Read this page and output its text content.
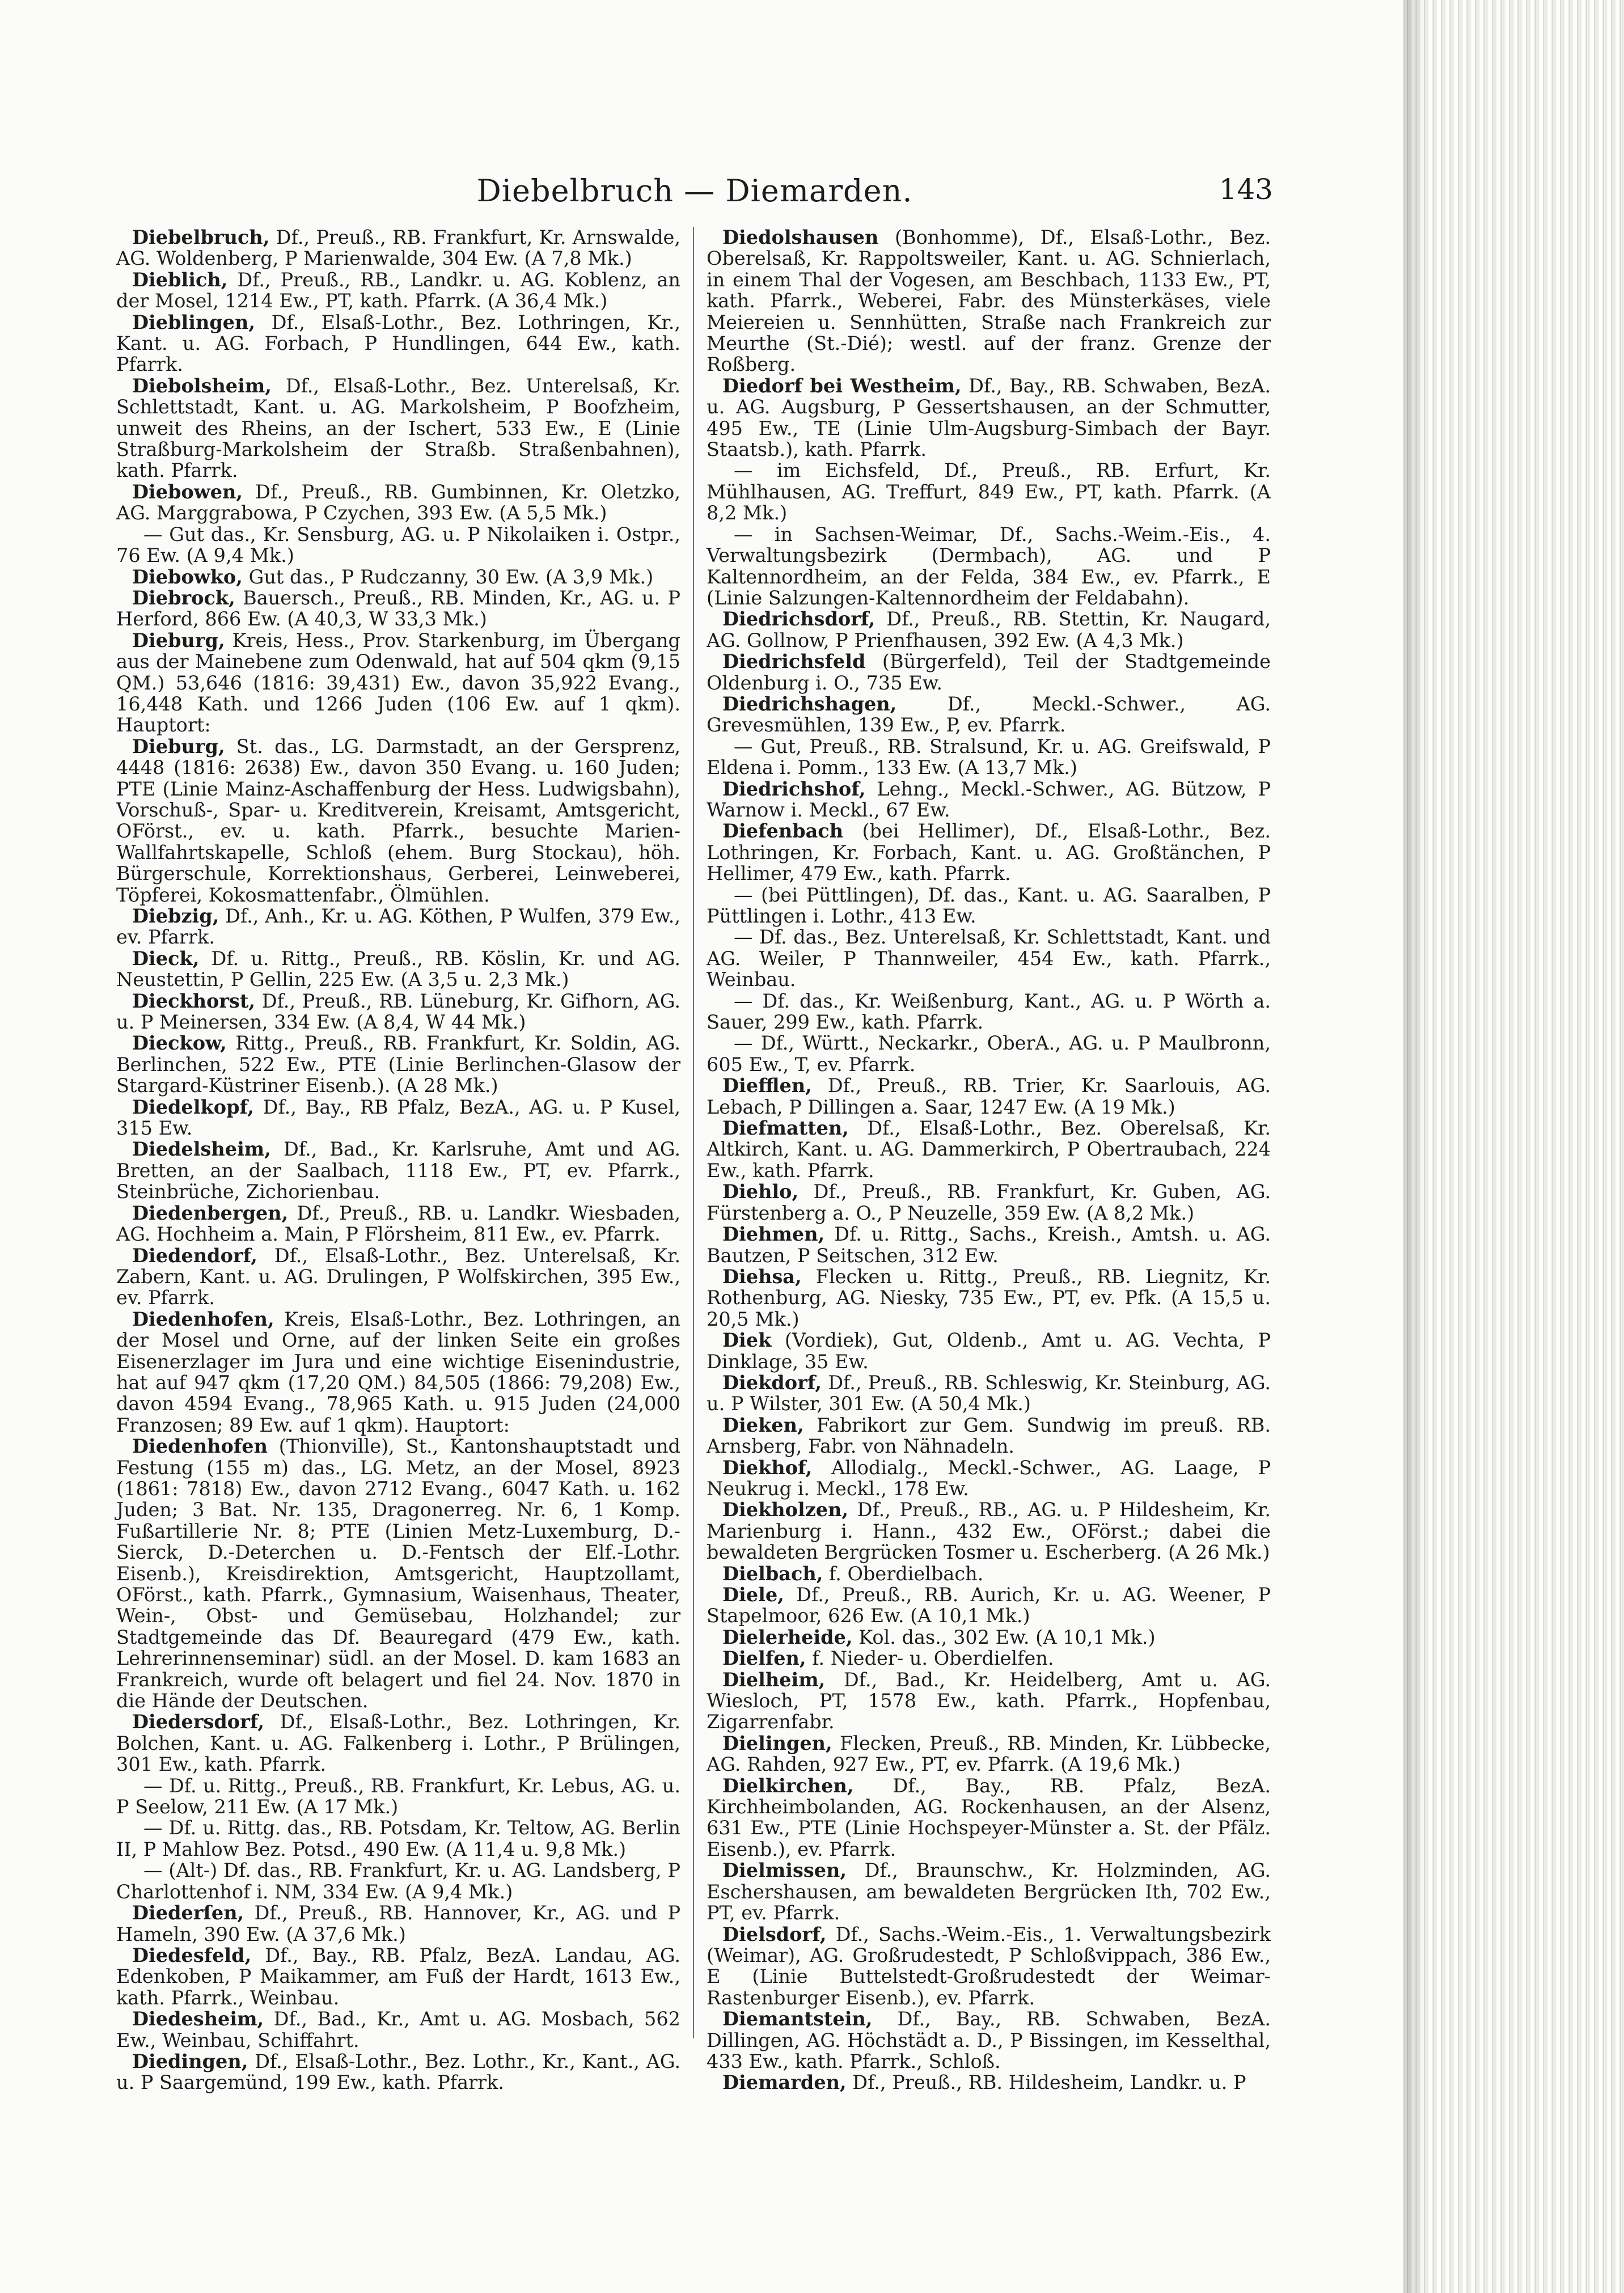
Diebelbruch — Diemarden.	143

Diebelbruch, Df., Preuß., RB. Frankfurt, Kr. Arnswalde, AG. Woldenberg, P Marienwalde, 304 Ew. (A 7,8 Mk.)

Dieblich, Df., Preuß., RB., Landkr. u. AG. Koblenz, an der Mosel, 1214 Ew., PT, kath. Pfarrk. (A 36,4 Mk.)

Dieblingen, Df., Elsaß-Lothr., Bez. Lothringen, Kr., Kant. u. AG. Forbach, P Hundlingen, 644 Ew., kath. Pfarrk.

Diebolsheim, Df., Elsaß-Lothr., Bez. Unterelsaß, Kr. Schlettstadt, Kant. u. AG. Markolsheim, P Boofzheim, unweit des Rheins, an der Ischert, 533 Ew., E (Linie Straßburg-Markolsheim der Straßb. Straßenbahnen), kath. Pfarrk.

Diebowen, Df., Preuß., RB. Gumbinnen, Kr. Oletzko, AG. Marggrabowa, P Czychen, 393 Ew. (A 5,5 Mk.)

— Gut das., Kr. Sensburg, AG. u. P Nikolaiken i. Ostpr., 76 Ew. (A 9,4 Mk.)

Diebowko, Gut das., P Rudczanny, 30 Ew. (A 3,9 Mk.)

Diebrock, Bauersch., Preuß., RB. Minden, Kr., AG. u. P Herford, 866 Ew. (A 40,3, W 33,3 Mk.)

Dieburg, Kreis, Hess., Prov. Starkenburg, im Übergang aus der Mainebene zum Odenwald, hat auf 504 qkm (9,15 QM.) 53,646 (1816: 39,431) Ew., davon 35,922 Evang., 16,448 Kath. und 1266 Juden (106 Ew. auf 1 qkm). Hauptort:

Dieburg, St. das., LG. Darmstadt, an der Gersprenz, 4448 (1816: 2638) Ew., davon 350 Evang. u. 160 Juden; PTE (Linie Mainz-Aschaffenburg der Hess. Ludwigsbahn), Vorschuß-, Spar- u. Kreditverein, Kreisamt, Amtsgericht, OFörst., ev. u. kath. Pfarrk., besuchte Marien-Wallfahrtskapelle, Schloß (ehem. Burg Stockau), höh. Bürgerschule, Korrektionshaus, Gerberei, Leinweberei, Töpferei, Kokosmattenfabr., Ölmühlen.

Diebzig, Df., Anh., Kr. u. AG. Köthen, P Wulfen, 379 Ew., ev. Pfarrk.

Dieck, Df. u. Rittg., Preuß., RB. Köslin, Kr. und AG. Neustettin, P Gellin, 225 Ew. (A 3,5 u. 2,3 Mk.)

Dieckhorst, Df., Preuß., RB. Lüneburg, Kr. Gifhorn, AG. u. P Meinersen, 334 Ew. (A 8,4, W 44 Mk.)

Dieckow, Rittg., Preuß., RB. Frankfurt, Kr. Soldin, AG. Berlinchen, 522 Ew., PTE (Linie Berlinchen-Glasow der Stargard-Küstriner Eisenb.). (A 28 Mk.)

Diedelkopf, Df., Bay., RB Pfalz, BezA., AG. u. P Kusel, 315 Ew.

Diedelsheim, Df., Bad., Kr. Karlsruhe, Amt und AG. Bretten, an der Saalbach, 1118 Ew., PT, ev. Pfarrk., Steinbrüche, Zichorienbau.

Diedenbergen, Df., Preuß., RB. u. Landkr. Wiesbaden, AG. Hochheim a. Main, P Flörsheim, 811 Ew., ev. Pfarrk.

Diedendorf, Df., Elsaß-Lothr., Bez. Unterelsaß, Kr. Zabern, Kant. u. AG. Drulingen, P Wolfskirchen, 395 Ew., ev. Pfarrk.

Diedenhofen, Kreis, Elsaß-Lothr., Bez. Lothringen, an der Mosel und Orne, auf der linken Seite ein großes Eisenerzlager im Jura und eine wichtige Eisenindustrie, hat auf 947 qkm (17,20 QM.) 84,505 (1866: 79,208) Ew., davon 4594 Evang., 78,965 Kath. u. 915 Juden (24,000 Franzosen; 89 Ew. auf 1 qkm). Hauptort:

Diedenhofen (Thionville), St., Kantonshauptstadt und Festung (155 m) das., LG. Metz, an der Mosel, 8923 (1861: 7818) Ew., davon 2712 Evang., 6047 Kath. u. 162 Juden; 3 Bat. Nr. 135, Dragonerreg. Nr. 6, 1 Komp. Fußartillerie Nr. 8; PTE (Linien Metz-Luxemburg, D.-Sierck, D.-Deterchen u. D.-Fentsch der Elf.-Lothr. Eisenb.), Kreisdirektion, Amtsgericht, Hauptzollamt, OFörst., kath. Pfarrk., Gymnasium, Waisenhaus, Theater, Wein-, Obst- und Gemüsebau, Holzhandel; zur Stadtgemeinde das Df. Beauregard (479 Ew., kath. Lehrerinnenseminar) südl. an der Mosel. D. kam 1683 an Frankreich, wurde oft belagert und fiel 24. Nov. 1870 in die Hände der Deutschen.

Diedersdorf, Df., Elsaß-Lothr., Bez. Lothringen, Kr. Bolchen, Kant. u. AG. Falkenberg i. Lothr., P Brülingen, 301 Ew., kath. Pfarrk.

— Df. u. Rittg., Preuß., RB. Frankfurt, Kr. Lebus, AG. u. P Seelow, 211 Ew. (A 17 Mk.)

— Df. u. Rittg. das., RB. Potsdam, Kr. Teltow, AG. Berlin II, P Mahlow Bez. Potsd., 490 Ew. (A 11,4 u. 9,8 Mk.)

— (Alt-) Df. das., RB. Frankfurt, Kr. u. AG. Landsberg, P Charlottenhof i. NM, 334 Ew. (A 9,4 Mk.)

Diederſen, Df., Preuß., RB. Hannover, Kr., AG. und P Hameln, 390 Ew. (A 37,6 Mk.)

Diedesfeld, Df., Bay., RB. Pfalz, BezA. Landau, AG. Edenkoben, P Maikammer, am Fuß der Hardt, 1613 Ew., kath. Pfarrk., Weinbau.

Diedesheim, Df., Bad., Kr., Amt u. AG. Mosbach, 562 Ew., Weinbau, Schiffahrt.

Diedingen, Df., Elsaß-Lothr., Bez. Lothr., Kr., Kant., AG. u. P Saargemünd, 199 Ew., kath. Pfarrk.

Diedolshausen (Bonhomme), Df., Elsaß-Lothr., Bez. Oberelsaß, Kr. Rappoltsweiler, Kant. u. AG. Schnierlach, in einem Thal der Vogesen, am Beschbach, 1133 Ew., PT, kath. Pfarrk., Weberei, Fabr. des Münsterkäses, viele Meiereien u. Sennhütten, Straße nach Frankreich zur Meurthe (St.-Dié); westl. auf der franz. Grenze der Roßberg.

Diedorf bei Westheim, Df., Bay., RB. Schwaben, BezA. u. AG. Augsburg, P Gessertshausen, an der Schmutter, 495 Ew., TE (Linie Ulm-Augsburg-Simbach der Bayr. Staatsb.), kath. Pfarrk.

— im Eichsfeld, Df., Preuß., RB. Erfurt, Kr. Mühlhausen, AG. Treffurt, 849 Ew., PT, kath. Pfarrk. (A 8,2 Mk.)

— in Sachsen-Weimar, Df., Sachs.-Weim.-Eis., 4. Verwaltungsbezirk (Dermbach), AG. und P Kaltennordheim, an der Felda, 384 Ew., ev. Pfarrk., E (Linie Salzungen-Kaltennordheim der Feldabahn).

Diedrichsdorf, Df., Preuß., RB. Stettin, Kr. Naugard, AG. Gollnow, P Prienfhausen, 392 Ew. (A 4,3 Mk.)

Diedrichsfeld (Bürgerfeld), Teil der Stadtgemeinde Oldenburg i. O., 735 Ew.

Diedrichshagen, Df., Meckl.-Schwer., AG. Grevesmühlen, 139 Ew., P, ev. Pfarrk.

— Gut, Preuß., RB. Stralsund, Kr. u. AG. Greifswald, P Eldena i. Pomm., 133 Ew. (A 13,7 Mk.)

Diedrichshof, Lehng., Meckl.-Schwer., AG. Bützow, P Warnow i. Meckl., 67 Ew.

Diefenbach (bei Hellimer), Df., Elsaß-Lothr., Bez. Lothringen, Kr. Forbach, Kant. u. AG. Großtänchen, P Hellimer, 479 Ew., kath. Pfarrk.

— (bei Püttlingen), Df. das., Kant. u. AG. Saaralben, P Püttlingen i. Lothr., 413 Ew.

— Df. das., Bez. Unterelsaß, Kr. Schlettstadt, Kant. und AG. Weiler, P Thannweiler, 454 Ew., kath. Pfarrk., Weinbau.

— Df. das., Kr. Weißenburg, Kant., AG. u. P Wörth a. Sauer, 299 Ew., kath. Pfarrk.

— Df., Württ., Neckarkr., OberA., AG. u. P Maulbronn, 605 Ew., T, ev. Pfarrk.

Diefflen, Df., Preuß., RB. Trier, Kr. Saarlouis, AG. Lebach, P Dillingen a. Saar, 1247 Ew. (A 19 Mk.)

Diefmatten, Df., Elsaß-Lothr., Bez. Oberelsaß, Kr. Altkirch, Kant. u. AG. Dammerkirch, P Obertraubach, 224 Ew., kath. Pfarrk.

Diehlo, Df., Preuß., RB. Frankfurt, Kr. Guben, AG. Fürstenberg a. O., P Neuzelle, 359 Ew. (A 8,2 Mk.)

Diehmen, Df. u. Rittg., Sachs., Kreish., Amtsh. u. AG. Bautzen, P Seitschen, 312 Ew.

Diehsa, Flecken u. Rittg., Preuß., RB. Liegnitz, Kr. Rothenburg, AG. Niesky, 735 Ew., PT, ev. Pfk. (A 15,5 u. 20,5 Mk.)

Diek (Vordiek), Gut, Oldenb., Amt u. AG. Vechta, P Dinklage, 35 Ew.

Diekdorf, Df., Preuß., RB. Schleswig, Kr. Steinburg, AG. u. P Wilster, 301 Ew. (A 50,4 Mk.)

Dieken, Fabrikort zur Gem. Sundwig im preuß. RB. Arnsberg, Fabr. von Nähnadeln.

Diekhof, Allodialg., Meckl.-Schwer., AG. Laage, P Neukrug i. Meckl., 178 Ew.

Diekholzen, Df., Preuß., RB., AG. u. P Hildesheim, Kr. Marienburg i. Hann., 432 Ew., OFörst.; dabei die bewaldeten Bergrücken Tosmer u. Escherberg. (A 26 Mk.)

Dielbach, f. Oberdielbach.

Diele, Df., Preuß., RB. Aurich, Kr. u. AG. Weener, P Stapelmoor, 626 Ew. (A 10,1 Mk.)

Dielerheide, Kol. das., 302 Ew. (A 10,1 Mk.)

Dielfen, f. Nieder- u. Oberdielfen.

Dielheim, Df., Bad., Kr. Heidelberg, Amt u. AG. Wiesloch, PT, 1578 Ew., kath. Pfarrk., Hopfenbau, Zigarrenfabr.

Dielingen, Flecken, Preuß., RB. Minden, Kr. Lübbecke, AG. Rahden, 927 Ew., PT, ev. Pfarrk. (A 19,6 Mk.)

Dielkirchen, Df., Bay., RB. Pfalz, BezA. Kirchheimbolanden, AG. Rockenhausen, an der Alsenz, 631 Ew., PTE (Linie Hochspeyer-Münster a. St. der Pfälz. Eisenb.), ev. Pfarrk.

Dielmissen, Df., Braunschw., Kr. Holzminden, AG. Eschershausen, am bewaldeten Bergrücken Ith, 702 Ew., PT, ev. Pfarrk.

Dielsdorf, Df., Sachs.-Weim.-Eis., 1. Verwaltungsbezirk (Weimar), AG. Großrudestedt, P Schloßvippach, 386 Ew., E (Linie Buttelstedt-Großrudestedt der Weimar-Rastenburger Eisenb.), ev. Pfarrk.

Diemantstein, Df., Bay., RB. Schwaben, BezA. Dillingen, AG. Höchstädt a. D., P Bissingen, im Kesselthal, 433 Ew., kath. Pfarrk., Schloß.

Diemarden, Df., Preuß., RB. Hildesheim, Landkr. u. P
